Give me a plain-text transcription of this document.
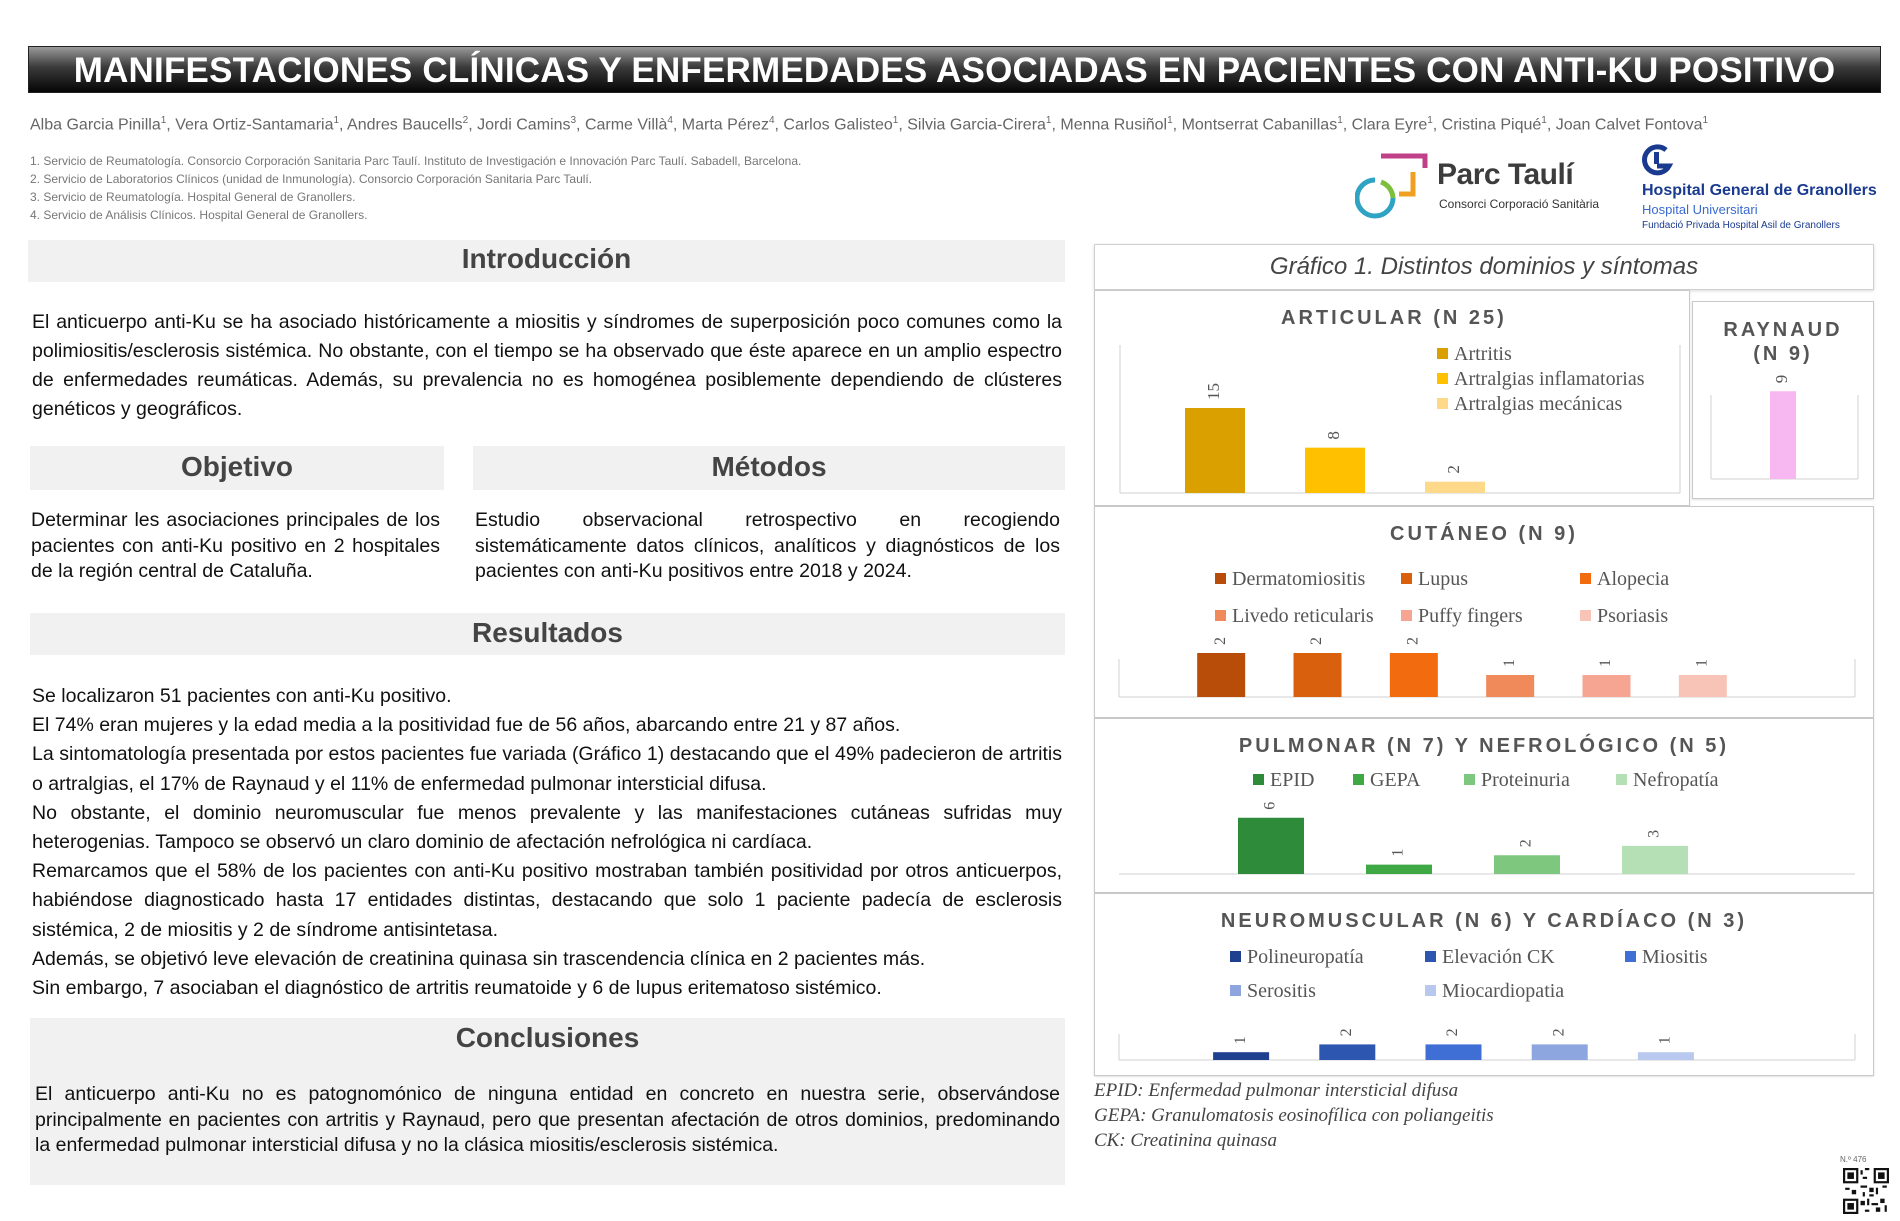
MANIFESTACIONES CLÍNICAS Y ENFERMEDADES ASOCIADAS EN PACIENTES CON ANTI-KU POSITIVO
Alba Garcia Pinilla$^1$, Vera Ortiz-Santamaria$^1$, Andres Baucells$^2$, Jordi Camins$^3$, Carme Villà$^4$, Marta Pérez$^4$, Carlos Galisteo$^1$, Silvia Garcia-Cirera$^1$, Menna Rusiñol$^1$, Montserrat Cabanillas$^1$, Clara Eyre$^1$, Cristina Piqué$^1$, Joan Calvet Fontova$^1$
1. Servicio de Reumatología. Consorcio Corporación Sanitaria Parc Taulí. Instituto de Investigación e Innovación Parc Taulí. Sabadell, Barcelona.
2. Servicio de Laboratorios Clínicos (unidad de Inmunología). Consorcio Corporación Sanitaria Parc Taulí.
3. Servicio de Reumatología. Hospital General de Granollers.
4. Servicio de Análisis Clínicos. Hospital General de Granollers.
Parc Taulí
Consorci Corporació Sanitària
Hospital General de Granollers
Hospital Universitari
Fundació Privada Hospital Asil de Granollers
Introducción
El anticuerpo anti-Ku se ha asociado históricamente a miositis y síndromes de superposición poco comunes como la polimiositis/esclerosis sistémica. No obstante, con el tiempo se ha observado que éste aparece en un amplio espectro de enfermedades reumáticas. Además, su prevalencia no es homogénea posiblemente dependiendo de clústeres genéticos y geográficos.
Objetivo
Determinar les asociaciones principales de los pacientes con anti-Ku positivo en 2 hospitales de la región central de Cataluña.
Métodos
Estudio observacional retrospectivo en recogiendo sistemáticamente datos clínicos, analíticos y diagnósticos de los pacientes con anti-Ku positivos entre 2018 y 2024.
Resultados
Se localizaron 51 pacientes con anti-Ku positivo.
El 74% eran mujeres y la edad media a la positividad fue de 56 años, abarcando entre 21 y 87 años.
La sintomatología presentada por estos pacientes fue variada (Gráfico 1) destacando que el 49% padecieron de artritis o artralgias, el 17% de Raynaud y el 11% de enfermedad pulmonar intersticial difusa.
No obstante, el dominio neuromuscular fue menos prevalente y las manifestaciones cutáneas sufridas muy heterogenias. Tampoco se observó un claro dominio de afectación nefrológica ni cardíaca.
Remarcamos que el 58% de los pacientes con anti-Ku positivo mostraban también positividad por otros anticuerpos, habiéndose diagnosticado hasta 17 entidades distintas, destacando que solo 1 paciente padecía de esclerosis sistémica, 2 de miositis y 2 de síndrome antisintetasa.
Además, se objetivó leve elevación de creatinina quinasa sin trascendencia clínica en 2 pacientes más.
Sin embargo, 7 asociaban el diagnóstico de artritis reumatoide y 6 de lupus eritematoso sistémico.
Conclusiones
El anticuerpo anti-Ku no es patognomónico de ninguna entidad en concreto en nuestra serie, observándose principalmente en pacientes con artritis y Raynaud, pero que presentan afectación de otros dominios, predominando la enfermedad pulmonar intersticial difusa y no la clásica miositis/esclerosis sistémica.
Gráfico 1. Distintos dominios y síntomas
ARTICULAR (N 25)
15
8
2
Artritis
Artralgias inflamatorias
Artralgias mecánicas
RAYNAUD
(N 9)
9
CUTÁNEO (N 9)
2	2	2
1	1	1
Dermatomiositis	Lupus	Alopecia
Livedo reticularis	Puffy fingers	Psoriasis
PULMONAR (N 7) Y NEFROLÓGICO (N 5)
6
1
2
3
EPID	GEPA	Proteinuria	Nefropatía
NEUROMUSCULAR (N 6) Y CARDÍACO (N 3)
1
2	2	2
1
Polineuropatía	Elevación CK	Miositis
Serositis	Miocardiopatia
EPID: Enfermedad pulmonar intersticial difusa
GEPA: Granulomatosis eosinofílica con poliangeitis
CK: Creatinina quinasa
N.º 476
